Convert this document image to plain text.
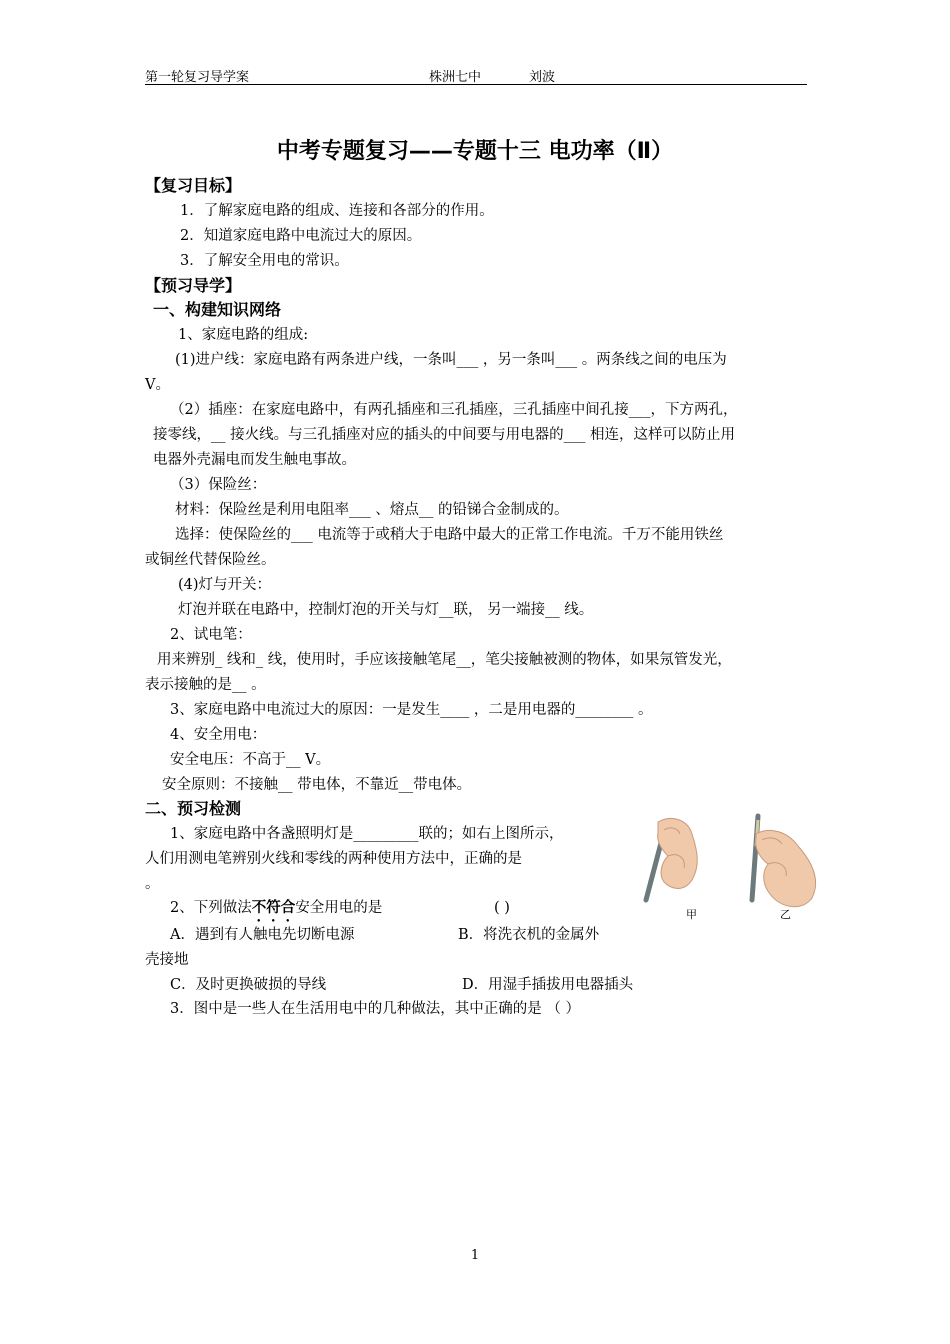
第一轮复习导学案	株洲七中	刘波
中考专题复习——专题十三 电功率（Ⅱ）
【复习目标】
1．了解家庭电路的组成、连接和各部分的作用。
2．知道家庭电路中电流过大的原因。
3．了解安全用电的常识。
【预习导学】
一、构建知识网络
1、家庭电路的组成:
(1)进户线：家庭电路有两条进户线，一条叫___ ，另一条叫___ 。两条线之间的电压为
V。
（2）插座：在家庭电路中，有两孔插座和三孔插座，三孔插座中间孔接___，下方两孔，
接零线，__ 接火线。与三孔插座对应的插头的中间要与用电器的___ 相连，这样可以防止用
电器外壳漏电而发生触电事故。
（3）保险丝：
材料：保险丝是利用电阻率___ 、熔点__ 的铅锑合金制成的。
选择：使保险丝的___ 电流等于或稍大于电路中最大的正常工作电流。千万不能用铁丝
或铜丝代替保险丝。
(4)灯与开关：
灯泡并联在电路中，控制灯泡的开关与灯__联， 另一端接__ 线。
2、试电笔：
用来辨别_ 线和_ 线，使用时，手应该接触笔尾__，笔尖接触被测的物体，如果氖管发光，
表示接触的是__ 。
3、家庭电路中电流过大的原因：一是发生____ ，二是用电器的________ 。
4、安全用电：
安全电压：不高于__ V。
安全原则：不接触__ 带电体，不靠近__带电体。
二、预习检测
1、家庭电路中各盏照明灯是_________联的；如右上图所示，
人们用测电笔辨别火线和零线的两种使用方法中，正确的是
。
2、下列做法不符合安全用电的是	( )
A．遇到有人触电先切断电源	B．将洗衣机的金属外
壳接地
C．及时更换破损的导线	D．用湿手插拔用电器插头
3．图中是一些人在生活用电中的几种做法，其中正确的是 （ ）
甲	乙
1
